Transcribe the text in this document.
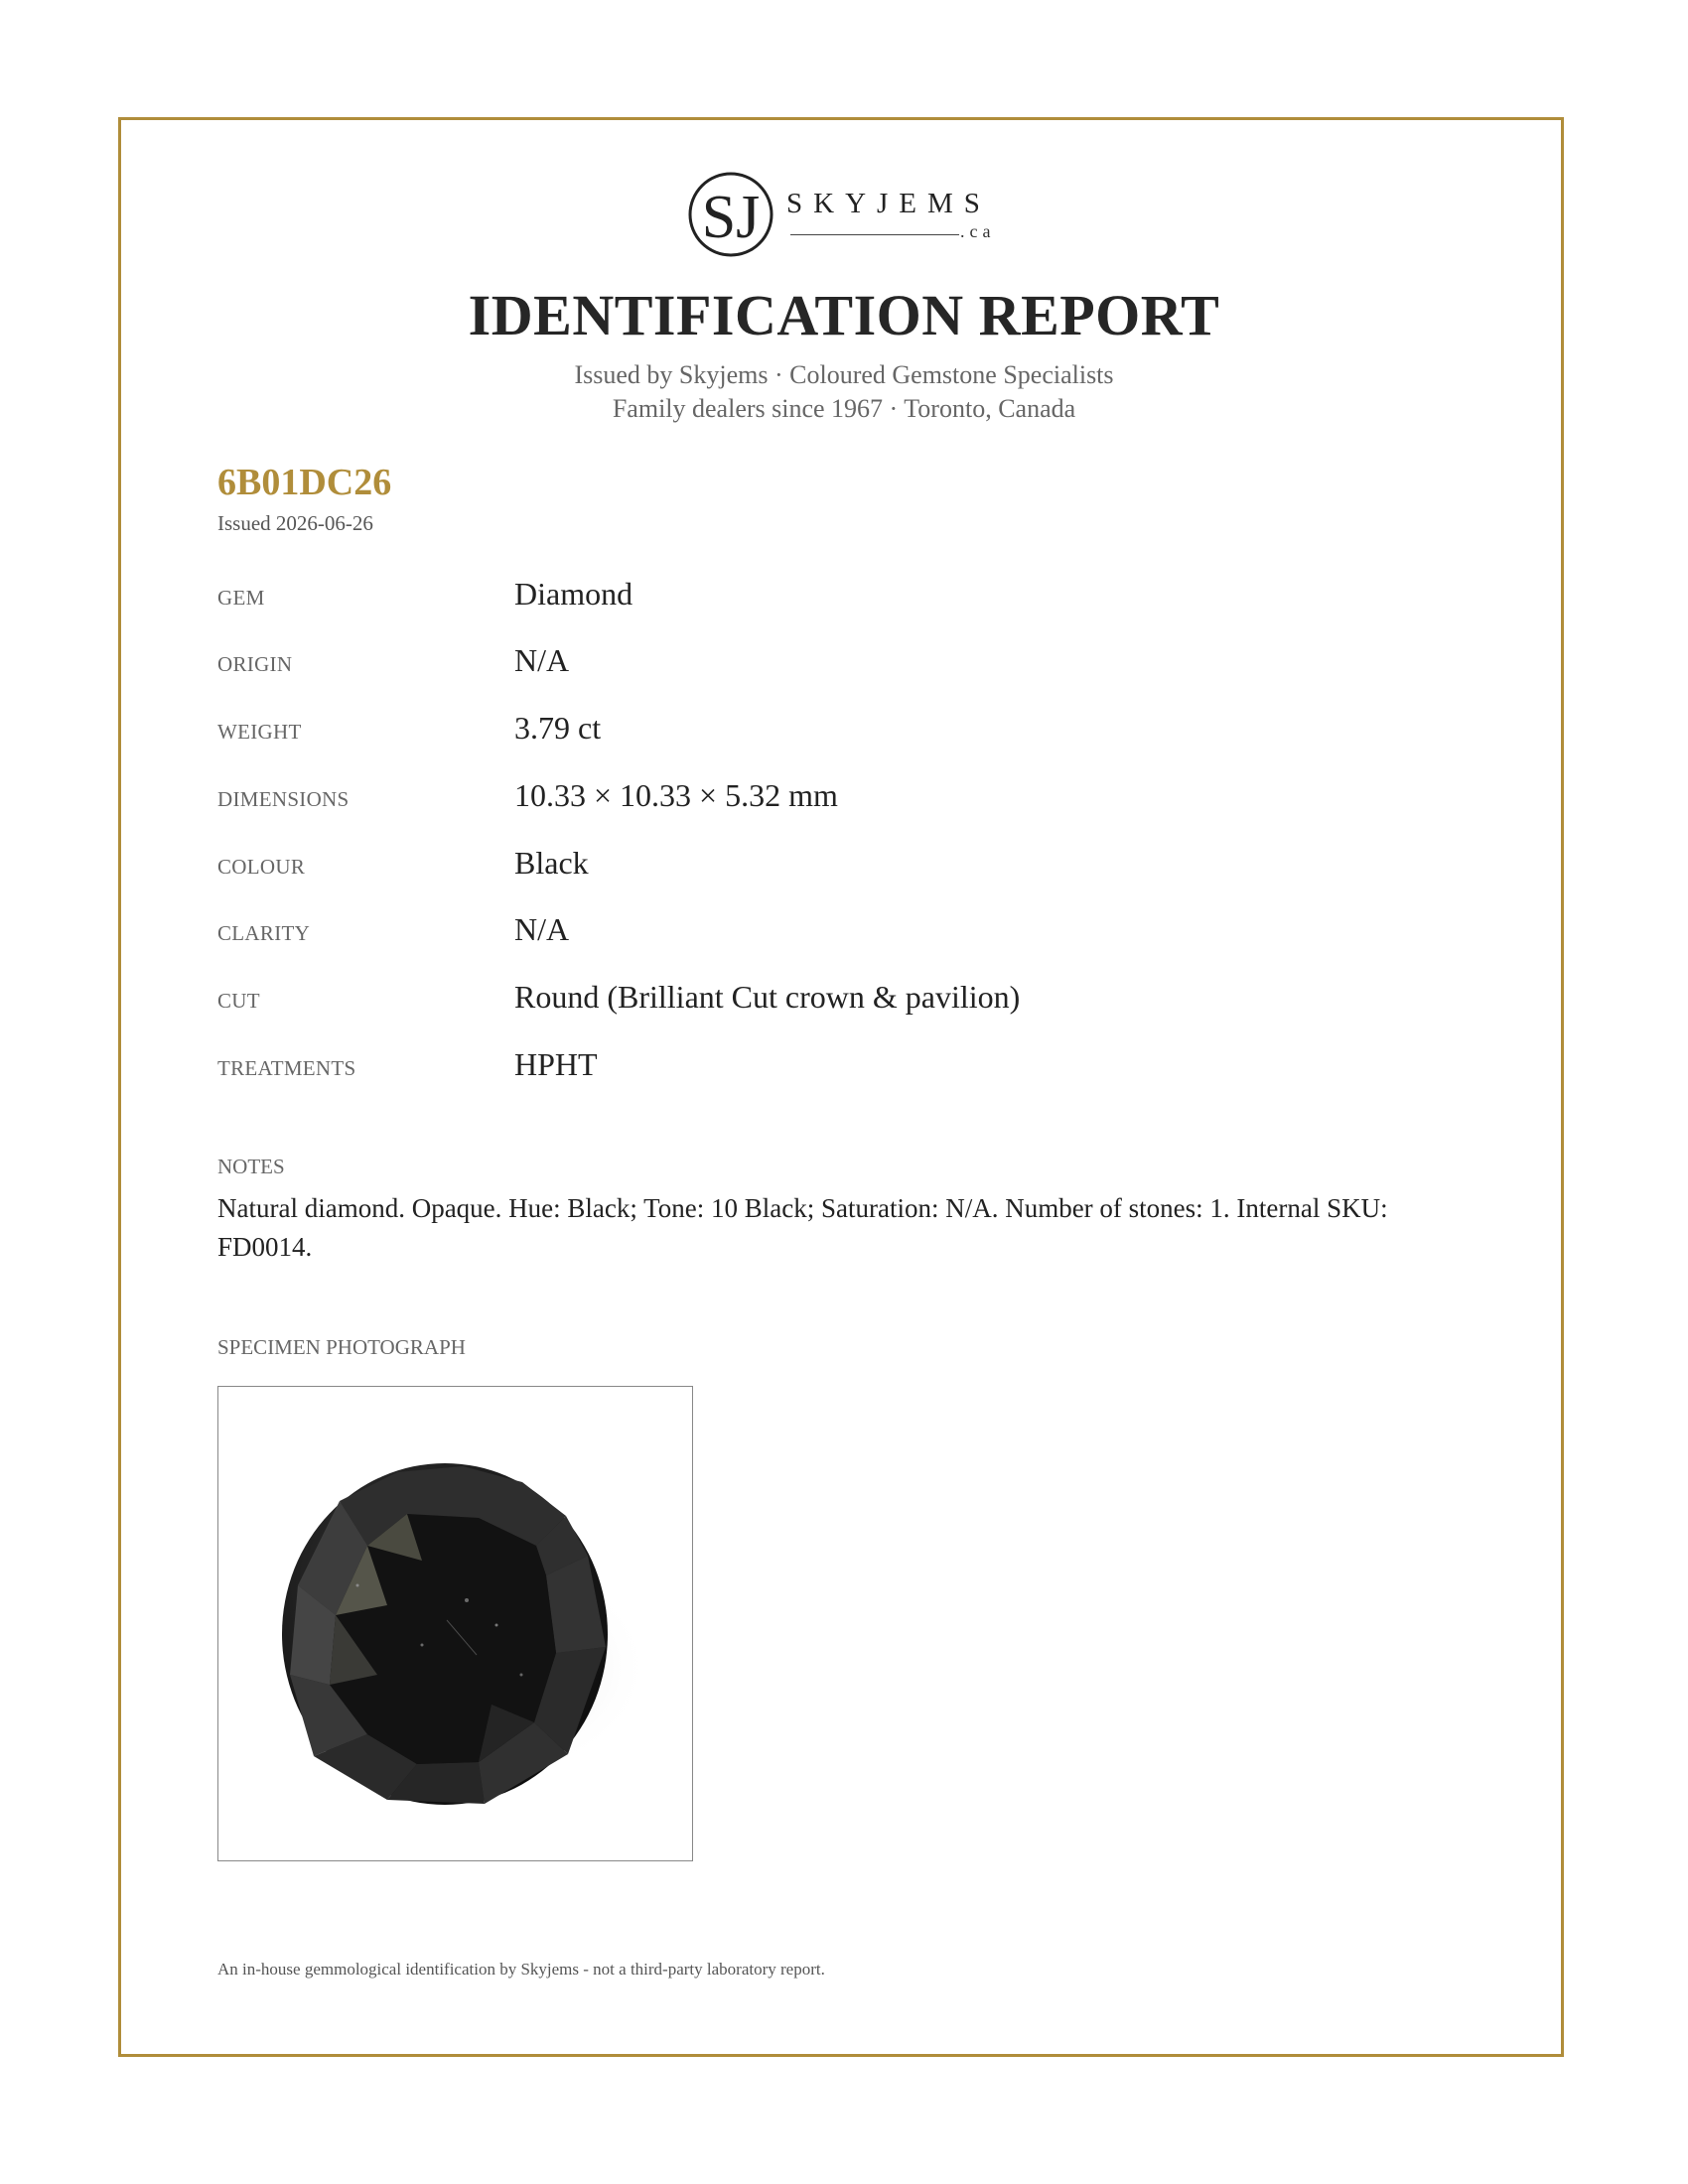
SJ SKYJEMS
.ca
IDENTIFICATION REPORT
Issued by Skyjems · Coloured Gemstone Specialists
Family dealers since 1967 · Toronto, Canada
6B01DC26
Issued 2026-06-26
GEM	Diamond
ORIGIN	N/A
WEIGHT	3.79 ct
DIMENSIONS	10.33 × 10.33 × 5.32 mm
COLOUR	Black
CLARITY	N/A
CUT	Round (Brilliant Cut crown & pavilion)
TREATMENTS	HPHT
NOTES
Natural diamond. Opaque. Hue: Black; Tone: 10 Black; Saturation: N/A. Number of stones: 1. Internal SKU: FD0014.
SPECIMEN PHOTOGRAPH
An in-house gemmological identification by Skyjems - not a third-party laboratory report.
